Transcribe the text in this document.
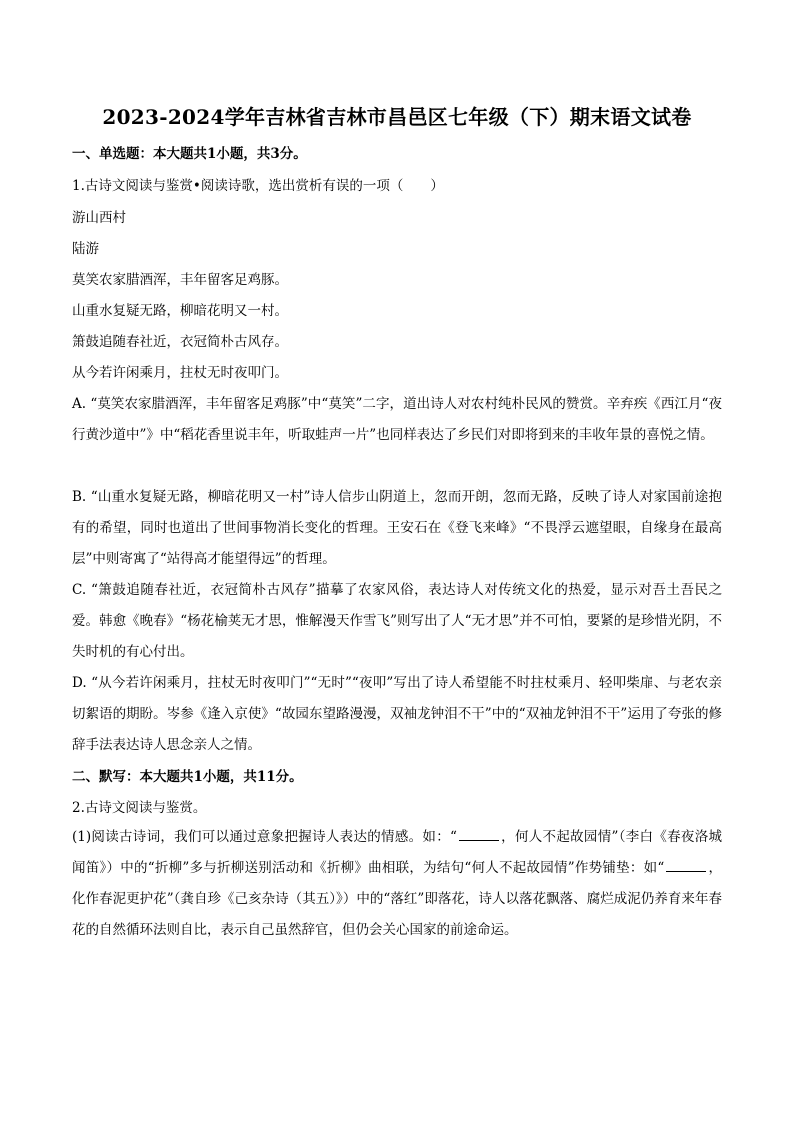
2023-2024学年吉林省吉林市昌邑区七年级（下）期末语文试卷
一、单选题：本大题共1小题，共3分。
1.古诗文阅读与鉴赏•阅读诗歌，选出赏析有误的一项（　　）
游山西村
陆游
莫笑农家腊酒浑，丰年留客足鸡豚。
山重水复疑无路，柳暗花明又一村。
箫鼓追随春社近，衣冠简朴古风存。
从今若许闲乘月，拄杖无时夜叩门。
A. “莫笑农家腊酒浑，丰年留客足鸡豚”中“莫笑”二字，道出诗人对农村纯朴民风的赞赏。辛弃疾《西江月“夜行黄沙道中”》中“稻花香里说丰年，听取蛙声一片”也同样表达了乡民们对即将到来的丰收年景的喜悦之情。
B. “山重水复疑无路，柳暗花明又一村”诗人信步山阴道上，忽而开朗，忽而无路，反映了诗人对家国前途抱有的希望，同时也道出了世间事物消长变化的哲理。王安石在《登飞来峰》“不畏浮云遮望眼，自缘身在最高层”中则寄寓了“站得高才能望得远”的哲理。
C. “箫鼓追随春社近，衣冠简朴古风存”描摹了农家风俗，表达诗人对传统文化的热爱，显示对吾土吾民之爱。韩愈《晚春》“杨花榆荚无才思，惟解漫天作雪飞”则写出了人“无才思”并不可怕，要紧的是珍惜光阴，不失时机的有心付出。
D. “从今若许闲乘月，拄杖无时夜叩门”“无时”“夜叩”写出了诗人希望能不时拄杖乘月、轻叩柴扉、与老农亲切絮语的期盼。岑参《逢入京使》“故园东望路漫漫，双袖龙钟泪不干”中的“双袖龙钟泪不干”运用了夸张的修辞手法表达诗人思念亲人之情。
二、默写：本大题共1小题，共11分。
2.古诗文阅读与鉴赏。
(1)阅读古诗词，我们可以通过意象把握诗人表达的情感。如：“	，何人不起故园情”（李白《春夜洛城闻笛》）中的“折柳”多与折柳送别活动和《折柳》曲相联，为结句“何人不起故园情”作势铺垫：如“	，化作春泥更护花”（龚自珍《己亥杂诗（其五）》）中的“落红”即落花，诗人以落花飘落、腐烂成泥仍养育来年春花的自然循环法则自比，表示自己虽然辞官，但仍会关心国家的前途命运。
